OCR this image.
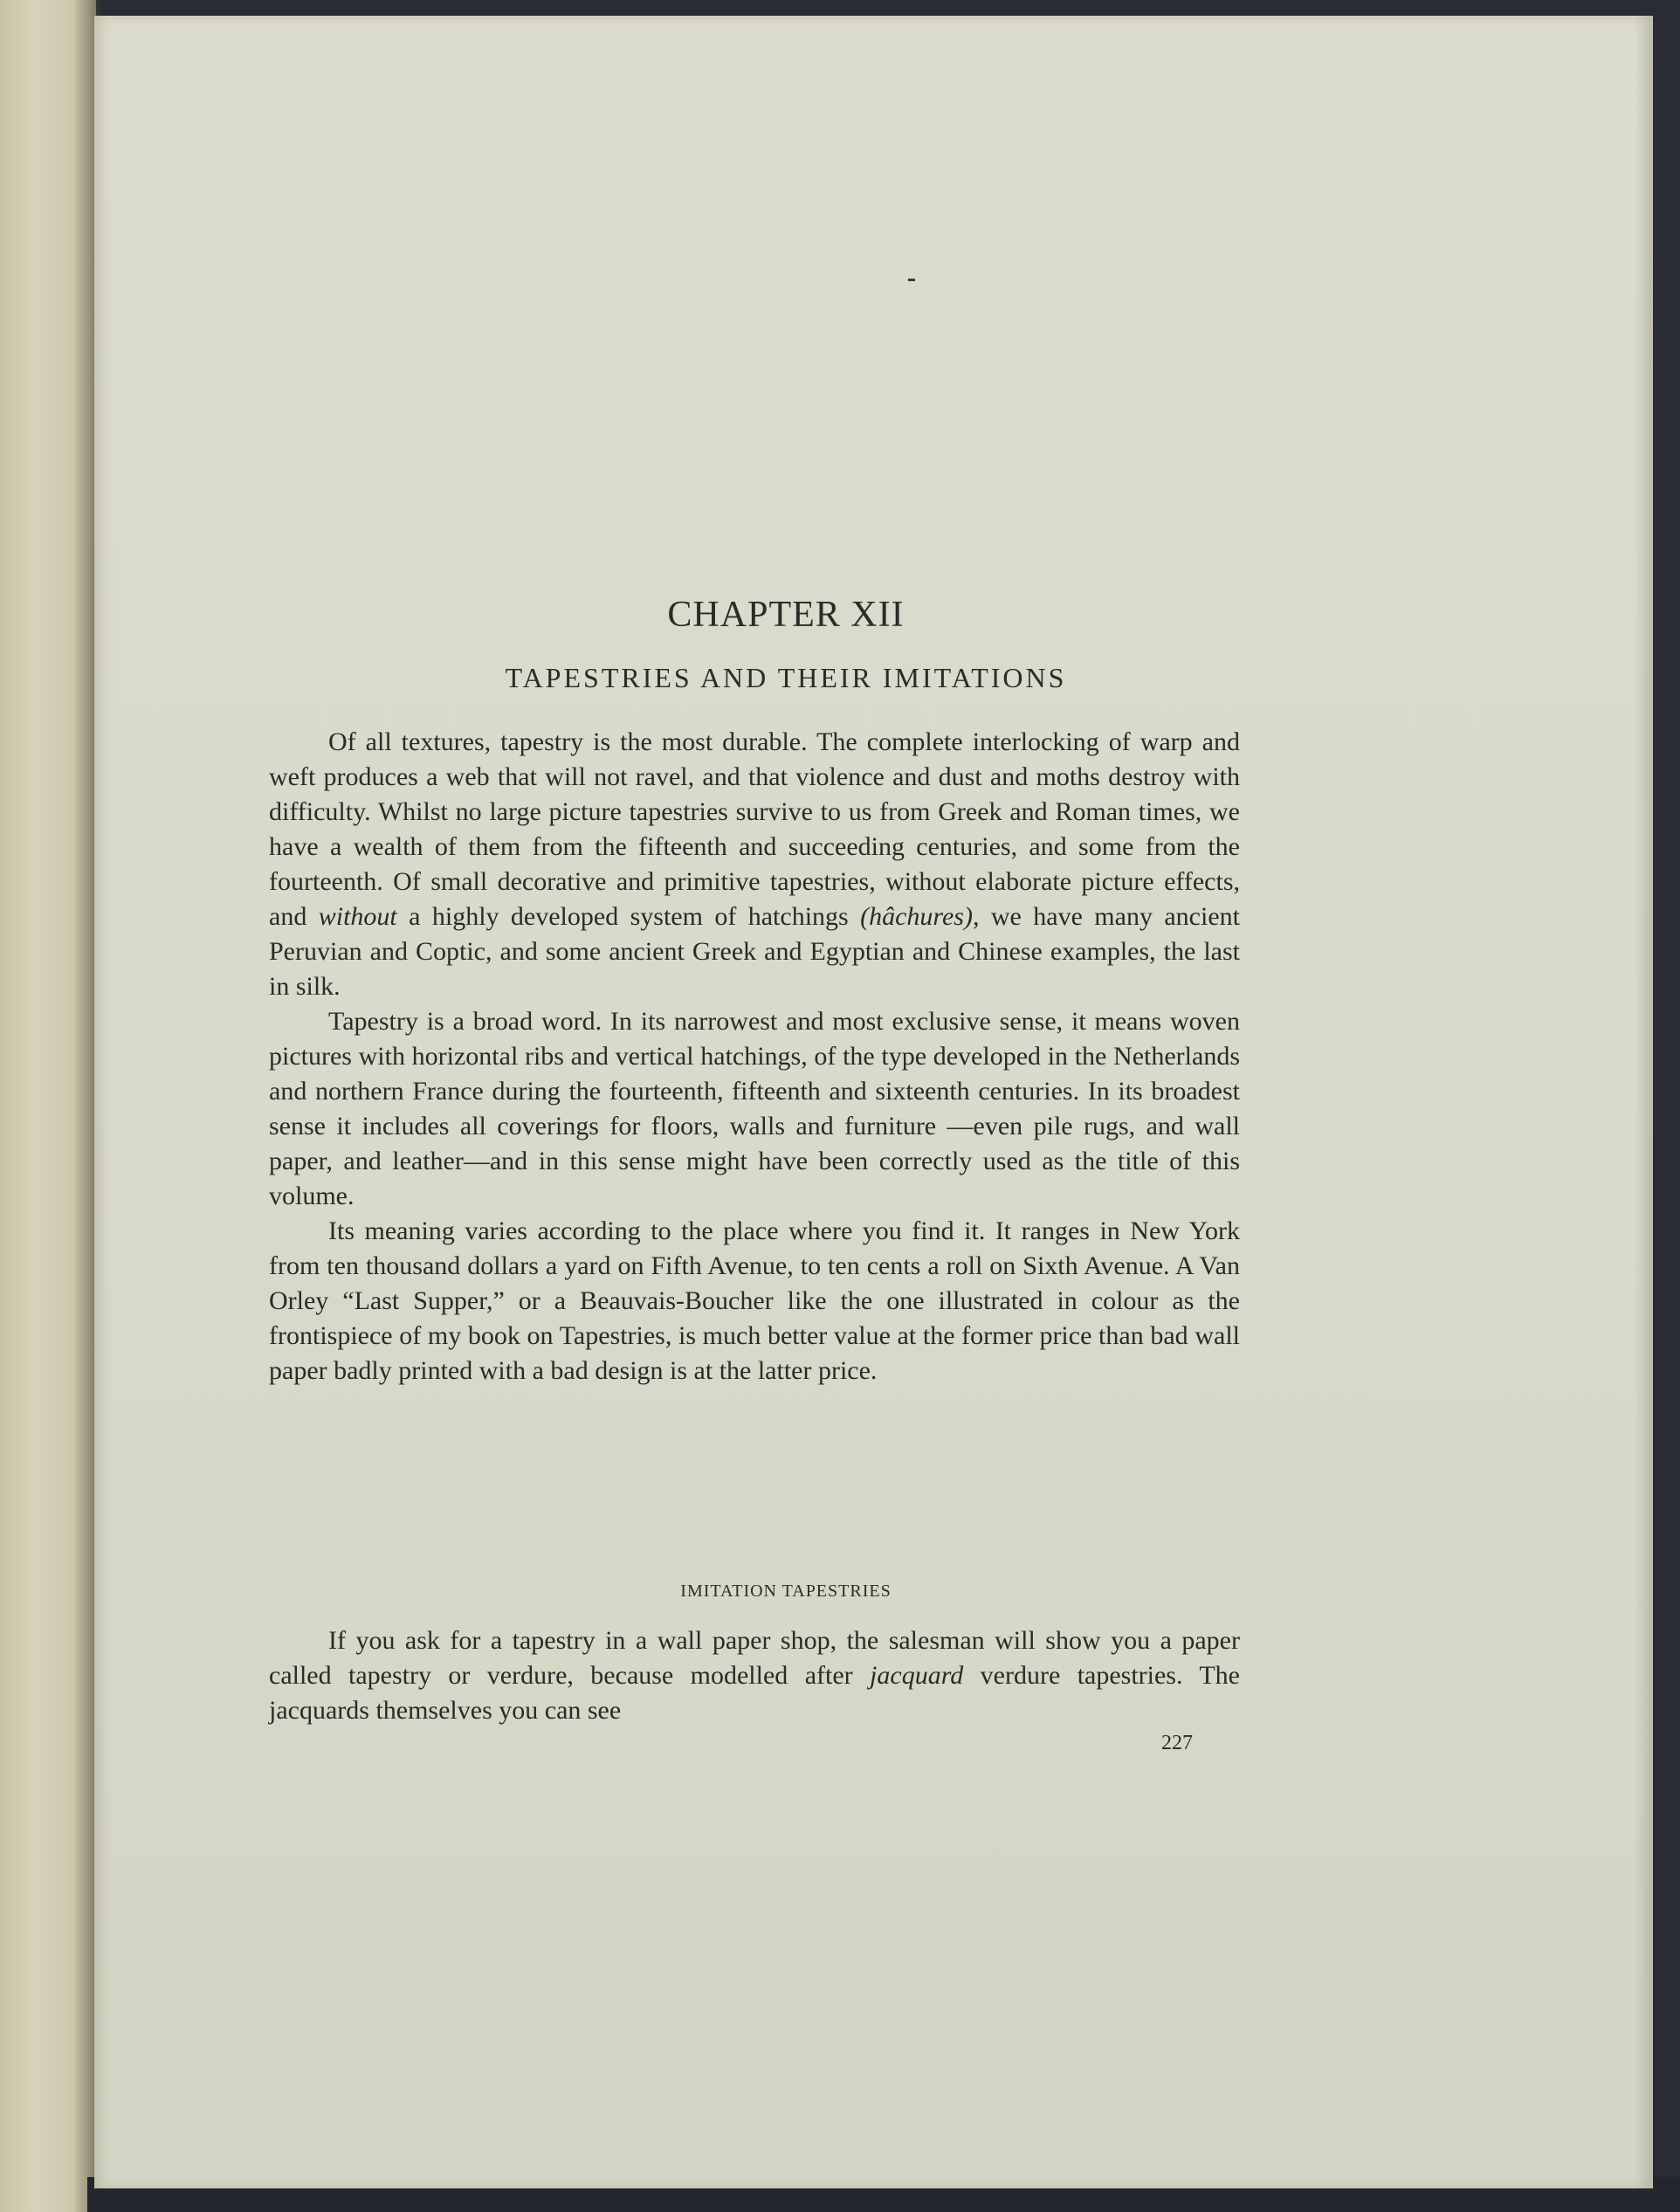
CHAPTER XII
TAPESTRIES AND THEIR IMITATIONS

Of all textures, tapestry is the most durable. The complete interlocking of warp and weft produces a web that will not ravel, and that violence and dust and moths destroy with difficulty. Whilst no large picture tapestries survive to us from Greek and Roman times, we have a wealth of them from the fifteenth and succeeding centuries, and some from the fourteenth. Of small decorative and primitive tapestries, without elaborate picture effects, and without a highly developed system of hatchings (hâchures), we have many ancient Peruvian and Coptic, and some ancient Greek and Egyptian and Chinese examples, the last in silk.

Tapestry is a broad word. In its narrowest and most exclusive sense, it means woven pictures with horizontal ribs and vertical hatchings, of the type developed in the Netherlands and northern France during the fourteenth, fifteenth and sixteenth centuries. In its broadest sense it includes all coverings for floors, walls and furniture —even pile rugs, and wall paper, and leather—and in this sense might have been correctly used as the title of this volume.

Its meaning varies according to the place where you find it. It ranges in New York from ten thousand dollars a yard on Fifth Avenue, to ten cents a roll on Sixth Avenue. A Van Orley “Last Supper,” or a Beauvais-Boucher like the one illustrated in colour as the frontispiece of my book on Tapestries, is much better value at the former price than bad wall paper badly printed with a bad design is at the latter price.

IMITATION TAPESTRIES

If you ask for a tapestry in a wall paper shop, the salesman will show you a paper called tapestry or verdure, because modelled after jacquard verdure tapestries. The jacquards themselves you can see

227
